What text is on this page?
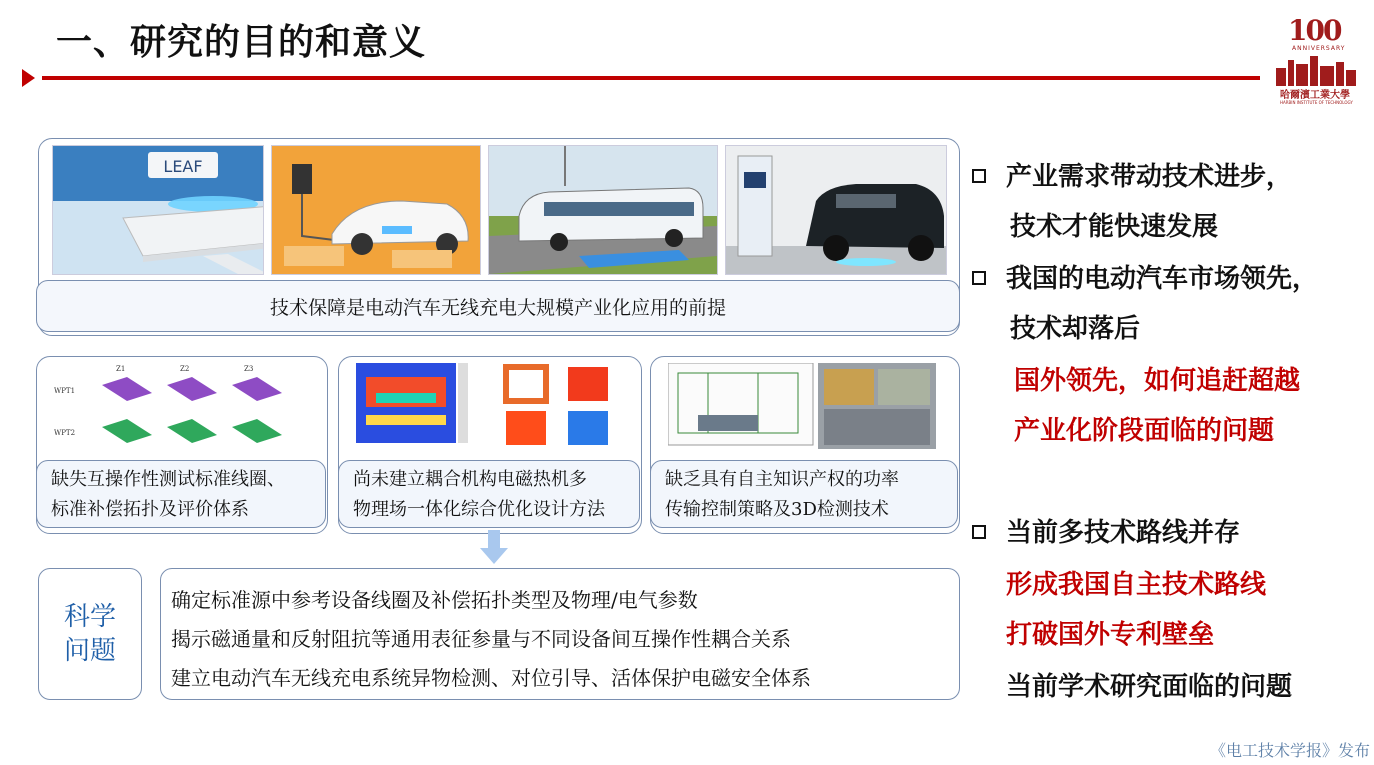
一、研究的目的和意义	100
ANNIVERSARY
哈爾濱工業大學
HARBIN INSTITUTE OF TECHNOLOGY
LEAF
技术保障是电动汽车无线充电大规模产业化应用的前提
Z1	Z2	Z3
WPT1
WPT2
缺失互操作性测试标准线圈、
标准补偿拓扑及评价体系
尚未建立耦合机构电磁热机多
物理场一体化综合优化设计方法
缺乏具有自主知识产权的功率
传输控制策略及3D检测技术
科学
问题
确定标准源中参考设备线圈及补偿拓扑类型及物理/电气参数
揭示磁通量和反射阻抗等通用表征参量与不同设备间互操作性耦合关系
建立电动汽车无线充电系统异物检测、对位引导、活体保护电磁安全体系
产业需求带动技术进步，
技术才能快速发展
我国的电动汽车市场领先，
技术却落后
国外领先，如何追赶超越
产业化阶段面临的问题
当前多技术路线并存
形成我国自主技术路线
打破国外专利壁垒
当前学术研究面临的问题
《电工技术学报》发布
